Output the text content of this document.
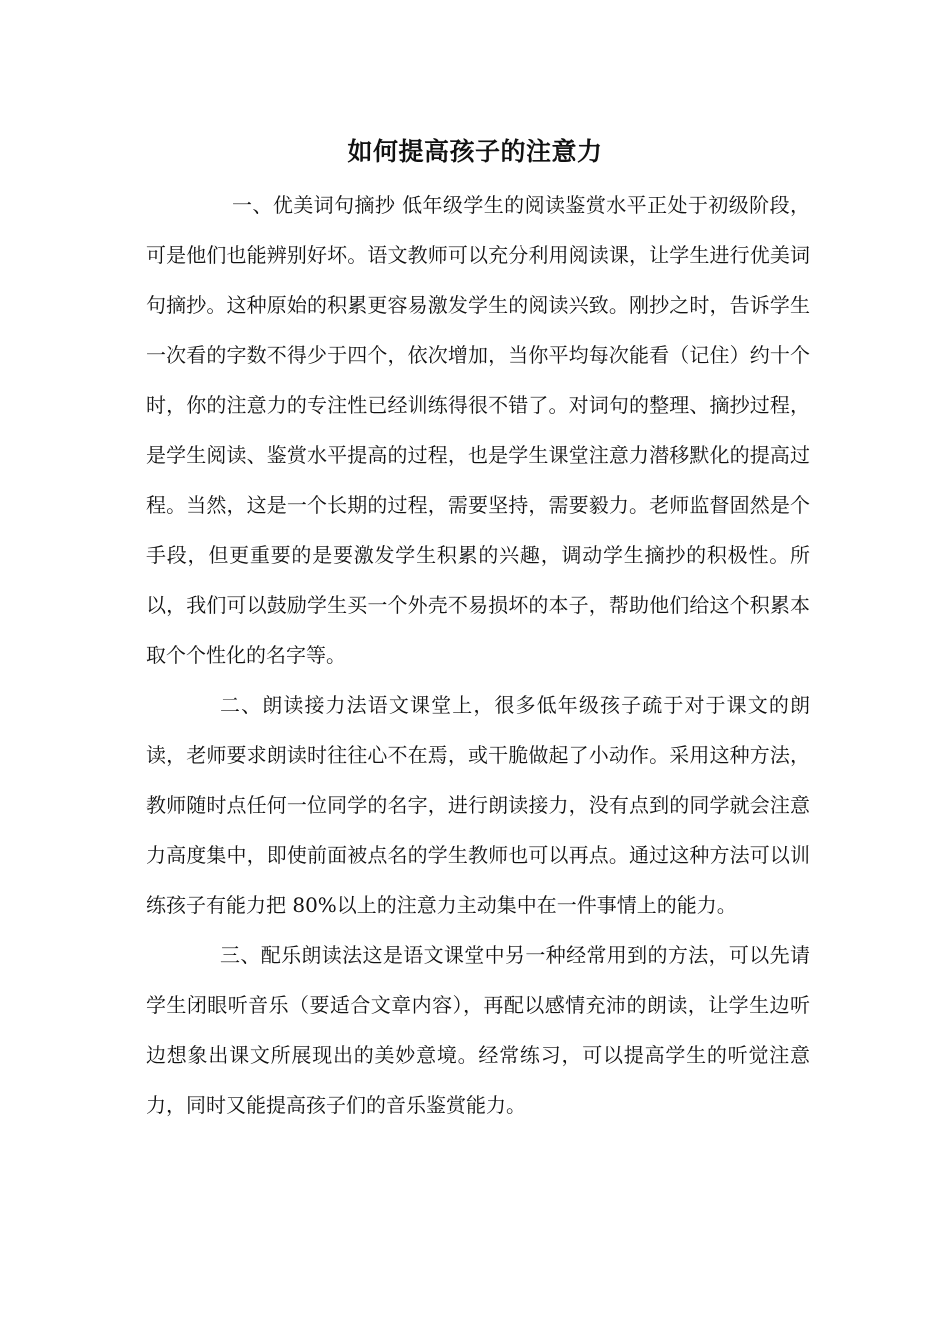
如何提高孩子的注意力

一、优美词句摘抄 低年级学生的阅读鉴赏水平正处于初级阶段，可是他们也能辨别好坏。语文教师可以充分利用阅读课，让学生进行优美词句摘抄。这种原始的积累更容易激发学生的阅读兴致。刚抄之时，告诉学生一次看的字数不得少于四个，依次增加，当你平均每次能看（记住）约十个时，你的注意力的专注性已经训练得很不错了。对词句的整理、摘抄过程，是学生阅读、鉴赏水平提高的过程，也是学生课堂注意力潜移默化的提高过程。当然，这是一个长期的过程，需要坚持，需要毅力。老师监督固然是个手段，但更重要的是要激发学生积累的兴趣，调动学生摘抄的积极性。所以，我们可以鼓励学生买一个外壳不易损坏的本子，帮助他们给这个积累本取个个性化的名字等。

二、朗读接力法语文课堂上，很多低年级孩子疏于对于课文的朗读，老师要求朗读时往往心不在焉，或干脆做起了小动作。采用这种方法，教师随时点任何一位同学的名字，进行朗读接力，没有点到的同学就会注意力高度集中，即使前面被点名的学生教师也可以再点。通过这种方法可以训练孩子有能力把 80%以上的注意力主动集中在一件事情上的能力。

三、配乐朗读法这是语文课堂中另一种经常用到的方法，可以先请学生闭眼听音乐（要适合文章内容），再配以感情充沛的朗读，让学生边听边想象出课文所展现出的美妙意境。经常练习，可以提高学生的听觉注意力，同时又能提高孩子们的音乐鉴赏能力。
